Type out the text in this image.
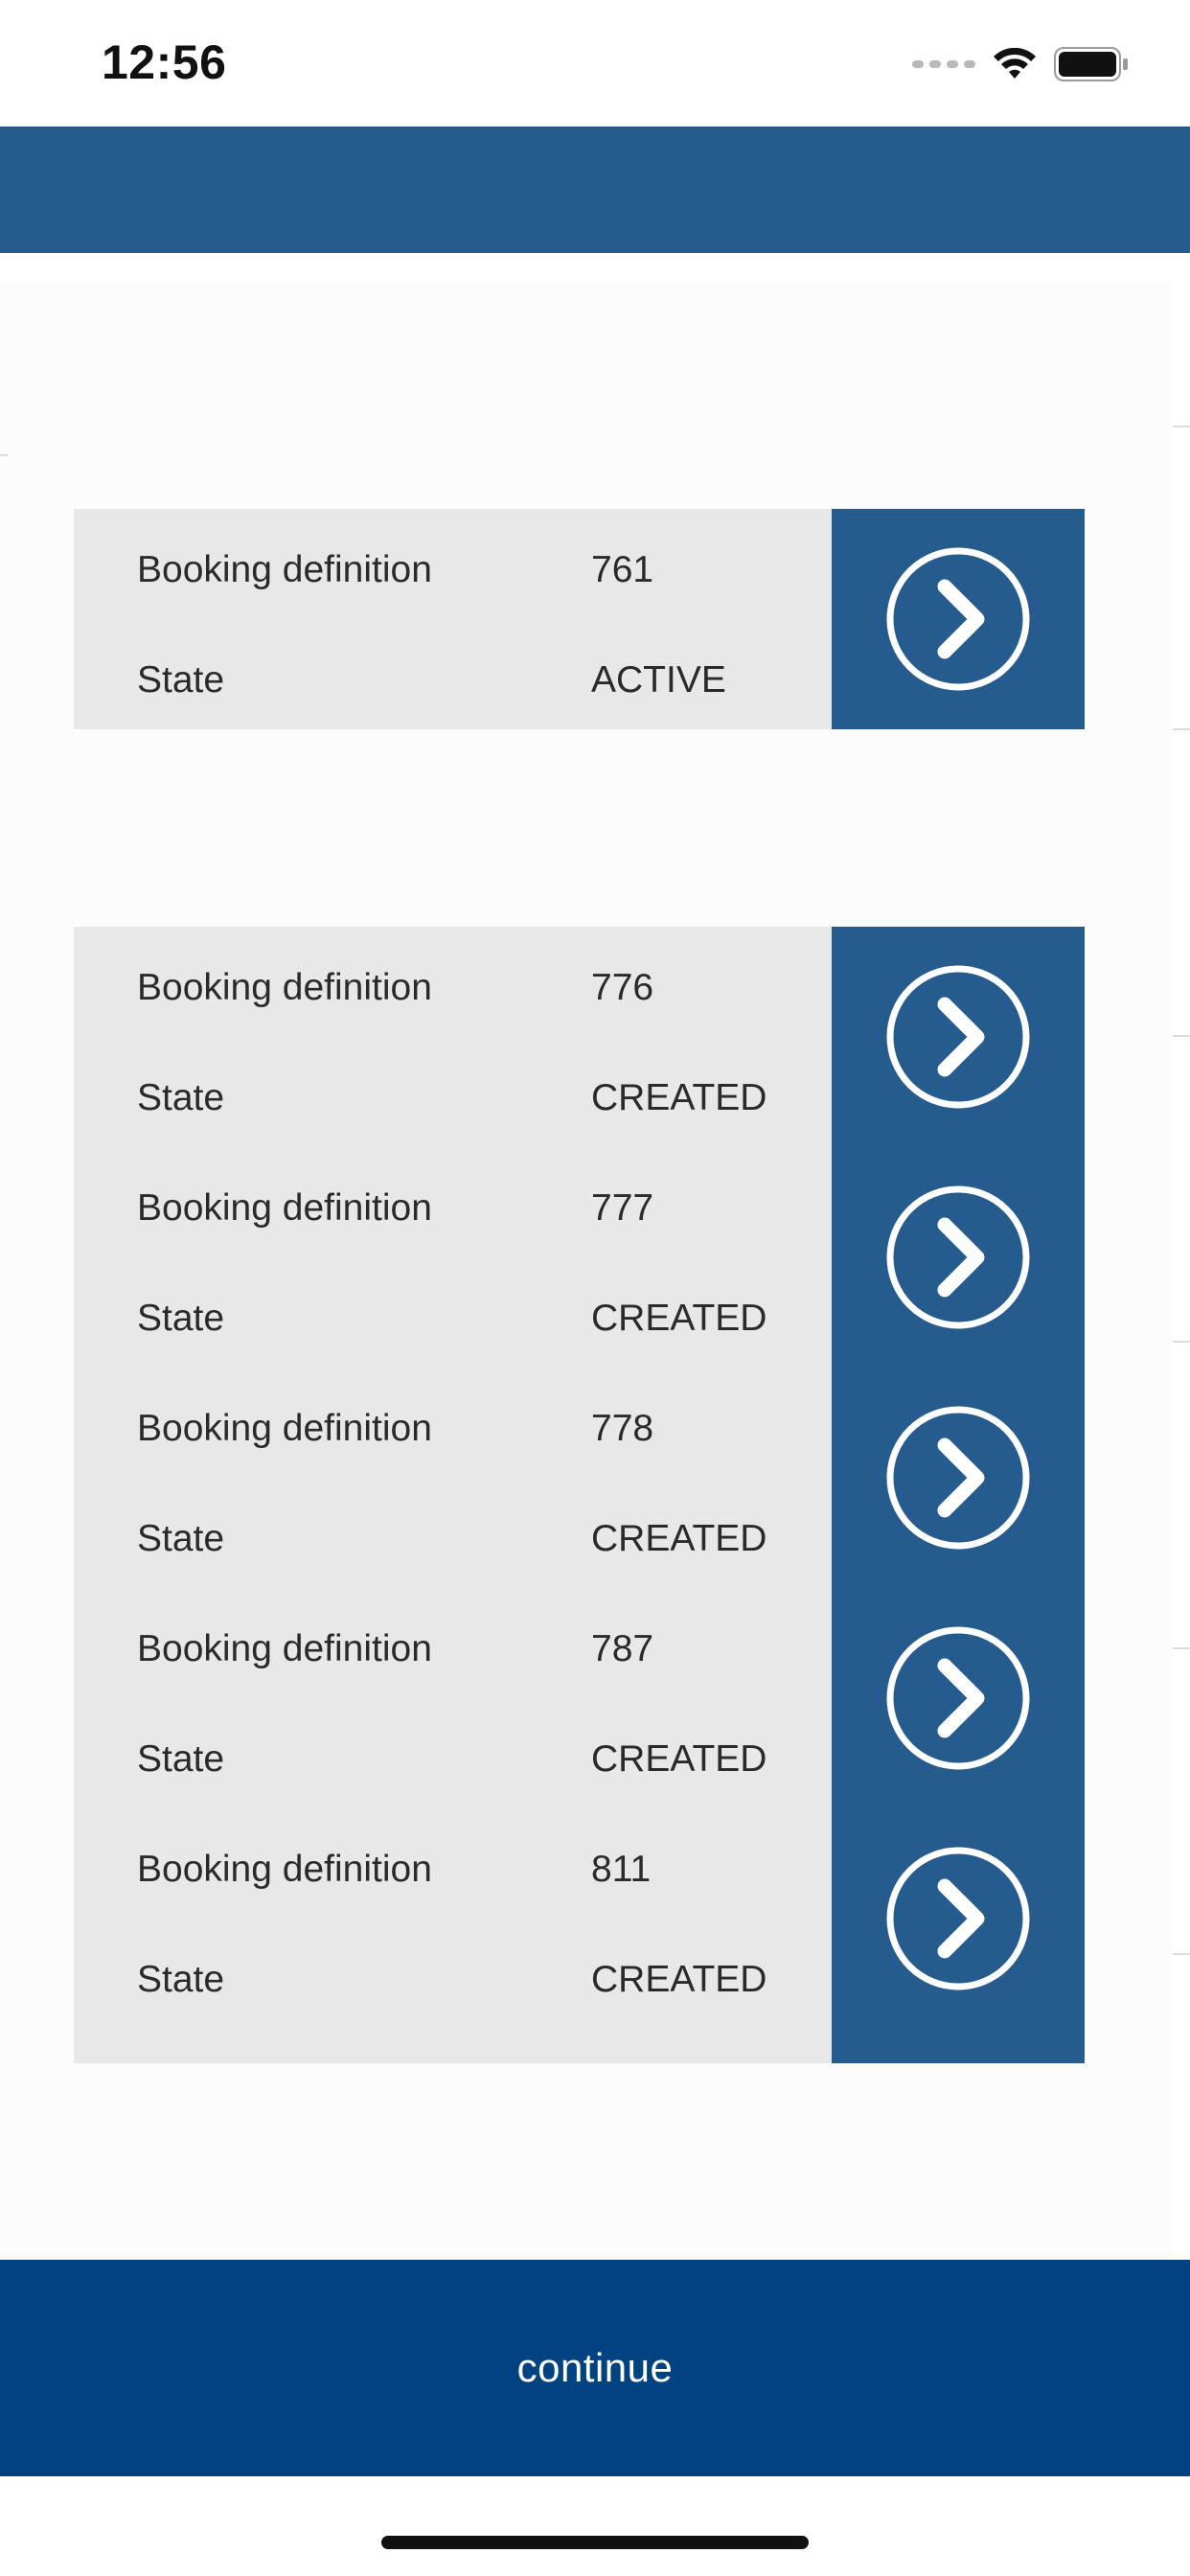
12:56
Booking definition	761
State	ACTIVE
Booking definition	776
State	CREATED
Booking definition	777
State	CREATED
Booking definition	778
State	CREATED
Booking definition	787
State	CREATED
Booking definition	811
State	CREATED
continue
